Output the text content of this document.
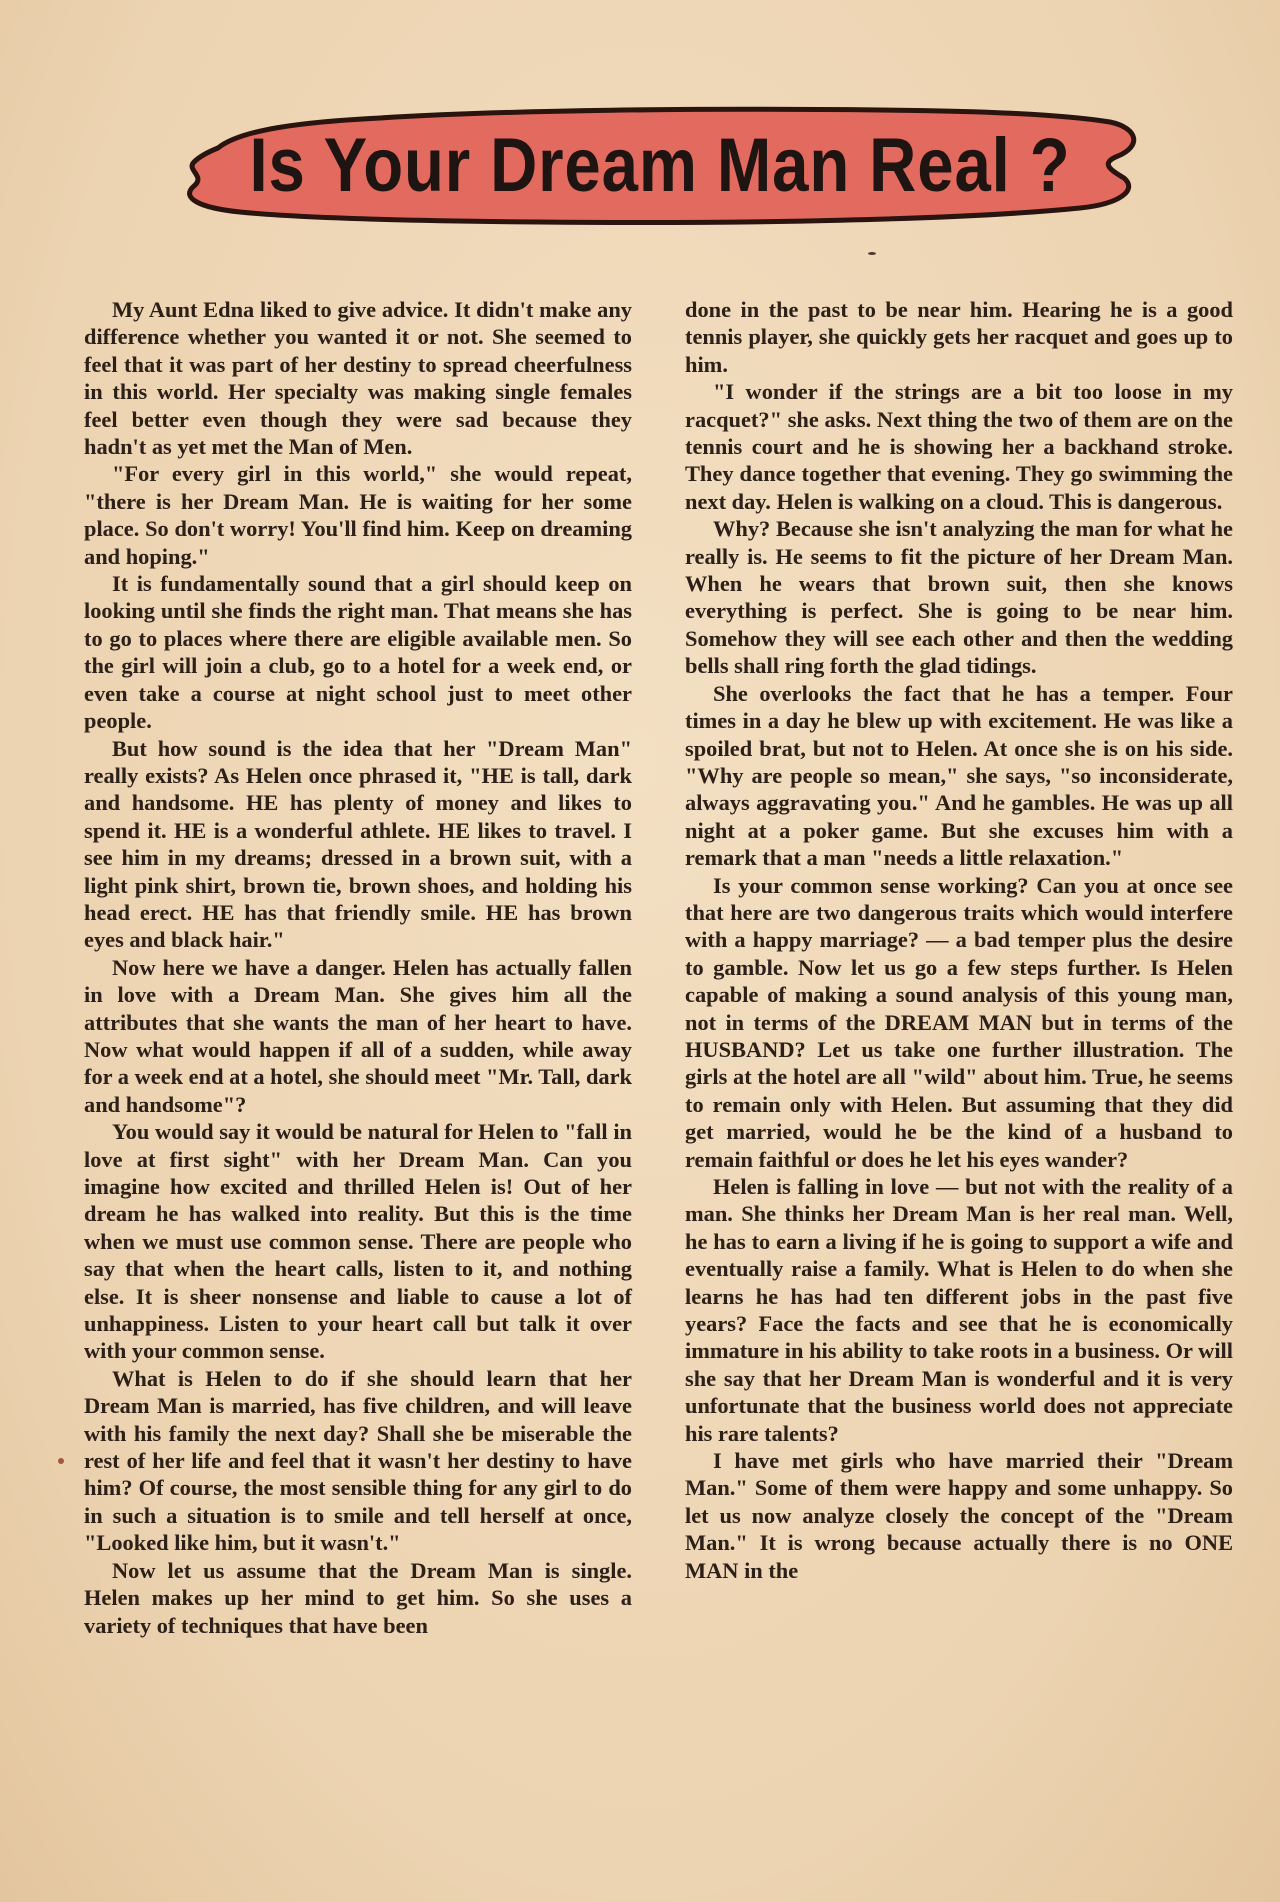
Is Your Dream Man Real ?

My Aunt Edna liked to give advice. It didn't make any difference whether you wanted it or not. She seemed to feel that it was part of her destiny to spread cheerfulness in this world. Her specialty was making single females feel better even though they were sad because they hadn't as yet met the Man of Men.

"For every girl in this world," she would repeat, "there is her Dream Man. He is waiting for her some place. So don't worry! You'll find him. Keep on dreaming and hoping."

It is fundamentally sound that a girl should keep on looking until she finds the right man. That means she has to go to places where there are eligible available men. So the girl will join a club, go to a hotel for a week end, or even take a course at night school just to meet other people.

But how sound is the idea that her "Dream Man" really exists? As Helen once phrased it, "HE is tall, dark and handsome. HE has plenty of money and likes to spend it. HE is a wonderful athlete. HE likes to travel. I see him in my dreams; dressed in a brown suit, with a light pink shirt, brown tie, brown shoes, and holding his head erect. HE has that friendly smile. HE has brown eyes and black hair."

Now here we have a danger. Helen has actually fallen in love with a Dream Man. She gives him all the attributes that she wants the man of her heart to have. Now what would happen if all of a sudden, while away for a week end at a hotel, she should meet "Mr. Tall, dark and handsome"?

You would say it would be natural for Helen to "fall in love at first sight" with her Dream Man. Can you imagine how excited and thrilled Helen is! Out of her dream he has walked into reality. But this is the time when we must use common sense. There are people who say that when the heart calls, listen to it, and nothing else. It is sheer nonsense and liable to cause a lot of unhappiness. Listen to your heart call but talk it over with your common sense.

What is Helen to do if she should learn that her Dream Man is married, has five children, and will leave with his family the next day? Shall she be miserable the rest of her life and feel that it wasn't her destiny to have him? Of course, the most sensible thing for any girl to do in such a situation is to smile and tell herself at once, "Looked like him, but it wasn't."

Now let us assume that the Dream Man is single. Helen makes up her mind to get him. So she uses a variety of techniques that have been

done in the past to be near him. Hearing he is a good tennis player, she quickly gets her racquet and goes up to him.

"I wonder if the strings are a bit too loose in my racquet?" she asks. Next thing the two of them are on the tennis court and he is showing her a backhand stroke. They dance together that evening. They go swimming the next day. Helen is walking on a cloud. This is dangerous.

Why? Because she isn't analyzing the man for what he really is. He seems to fit the picture of her Dream Man. When he wears that brown suit, then she knows everything is perfect. She is going to be near him. Somehow they will see each other and then the wedding bells shall ring forth the glad tidings.

She overlooks the fact that he has a temper. Four times in a day he blew up with excitement. He was like a spoiled brat, but not to Helen. At once she is on his side. "Why are people so mean," she says, "so inconsiderate, always aggravating you." And he gambles. He was up all night at a poker game. But she excuses him with a remark that a man "needs a little relaxation."

Is your common sense working? Can you at once see that here are two dangerous traits which would interfere with a happy marriage? — a bad temper plus the desire to gamble. Now let us go a few steps further. Is Helen capable of making a sound analysis of this young man, not in terms of the DREAM MAN but in terms of the HUSBAND? Let us take one further illustration. The girls at the hotel are all "wild" about him. True, he seems to remain only with Helen. But assuming that they did get married, would he be the kind of a husband to remain faithful or does he let his eyes wander?

Helen is falling in love — but not with the reality of a man. She thinks her Dream Man is her real man. Well, he has to earn a living if he is going to support a wife and eventually raise a family. What is Helen to do when she learns he has had ten different jobs in the past five years? Face the facts and see that he is economically immature in his ability to take roots in a business. Or will she say that her Dream Man is wonderful and it is very unfortunate that the business world does not appreciate his rare talents?

I have met girls who have married their "Dream Man." Some of them were happy and some unhappy. So let us now analyze closely the concept of the "Dream Man." It is wrong because actually there is no ONE MAN in the
